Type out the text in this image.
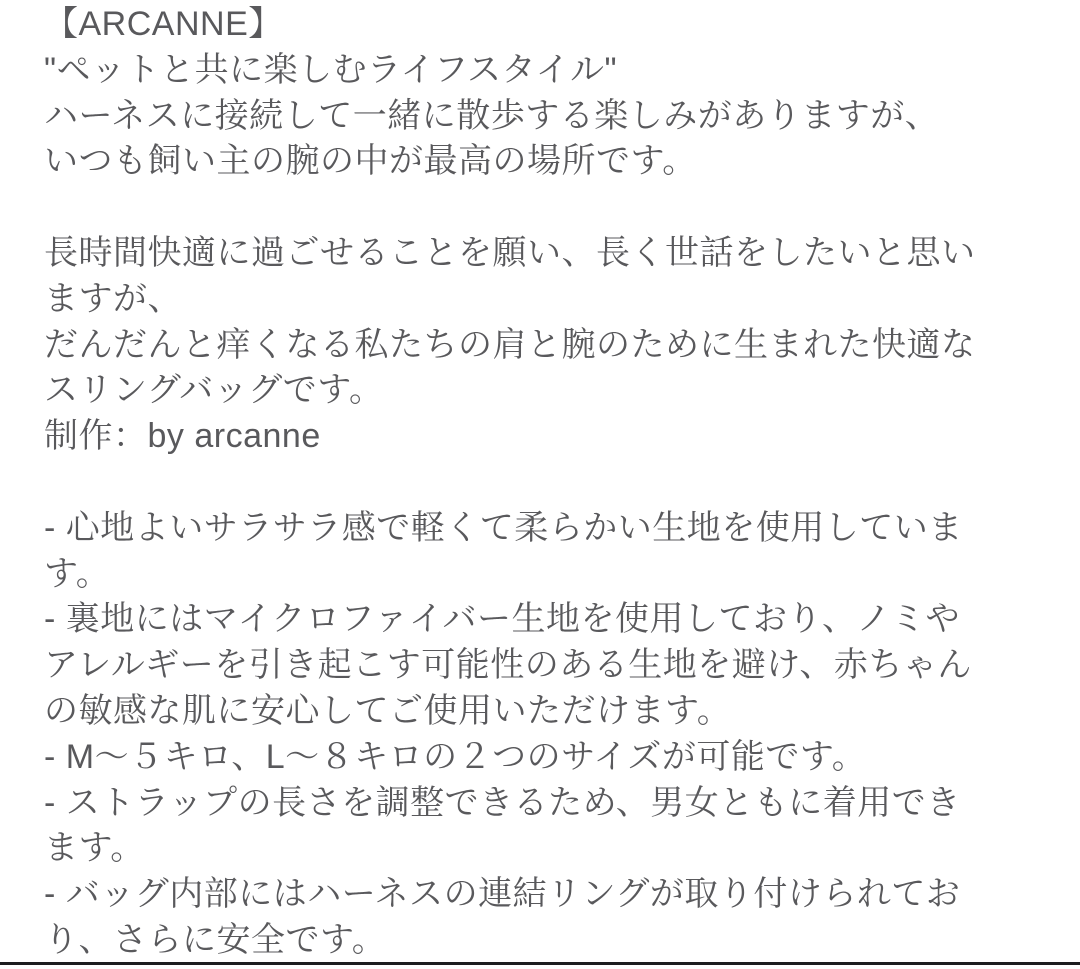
【ARCANNE】
"ペットと共に楽しむライフスタイル"
ハーネスに接続して一緒に散歩する楽しみがありますが、
いつも飼い主の腕の中が最高の場所です。

長時間快適に過ごせることを願い、長く世話をしたいと思い
ますが、
だんだんと痒くなる私たちの肩と腕のために生まれた快適な
スリングバッグです。
制作：by arcanne

- 心地よいサラサラ感で軽くて柔らかい生地を使用していま
す。
- 裏地にはマイクロファイバー生地を使用しており、ノミや
アレルギーを引き起こす可能性のある生地を避け、赤ちゃん
の敏感な肌に安心してご使用いただけます。
- M～５キロ、L～８キロの２つのサイズが可能です。
- ストラップの長さを調整できるため、男女ともに着用でき
ます。
- バッグ内部にはハーネスの連結リングが取り付けられてお
り、さらに安全です。
